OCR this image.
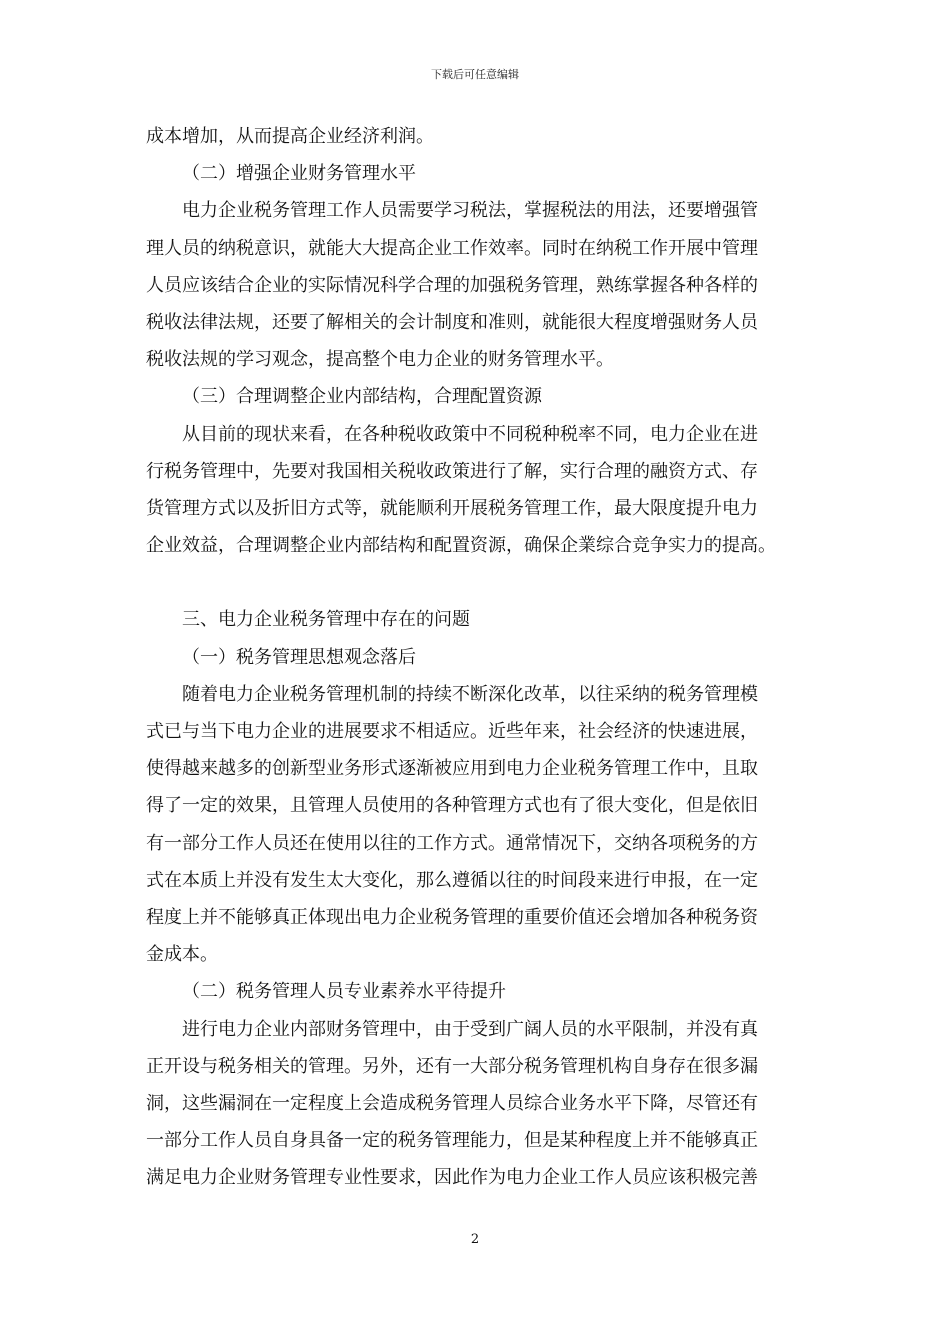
下载后可任意编辑
成本增加，从而提高企业经济利润。
（二）增强企业财务管理水平
电力企业税务管理工作人员需要学习税法，掌握税法的用法，还要增强管
理人员的纳税意识，就能大大提高企业工作效率。同时在纳税工作开展中管理
人员应该结合企业的实际情况科学合理的加强税务管理，熟练掌握各种各样的
税收法律法规，还要了解相关的会计制度和准则，就能很大程度增强财务人员
税收法规的学习观念，提高整个电力企业的财务管理水平。
（三）合理调整企业内部结构，合理配置资源
从目前的现状来看，在各种税收政策中不同税种税率不同，电力企业在进
行税务管理中，先要对我国相关税收政策进行了解，实行合理的融资方式、存
货管理方式以及折旧方式等，就能顺利开展税务管理工作，最大限度提升电力
企业效益，合理调整企业内部结构和配置资源，确保企業综合竞争实力的提高。
三、电力企业税务管理中存在的问题
（一）税务管理思想观念落后
随着电力企业税务管理机制的持续不断深化改革，以往采纳的税务管理模
式已与当下电力企业的进展要求不相适应。近些年来，社会经济的快速进展，
使得越来越多的创新型业务形式逐渐被应用到电力企业税务管理工作中，且取
得了一定的效果，且管理人员使用的各种管理方式也有了很大变化，但是依旧
有一部分工作人员还在使用以往的工作方式。通常情况下，交纳各项税务的方
式在本质上并没有发生太大变化，那么遵循以往的时间段来进行申报，在一定
程度上并不能够真正体现出电力企业税务管理的重要价值还会增加各种税务资
金成本。
（二）税务管理人员专业素养水平待提升
进行电力企业内部财务管理中，由于受到广阔人员的水平限制，并没有真
正开设与税务相关的管理。另外，还有一大部分税务管理机构自身存在很多漏
洞，这些漏洞在一定程度上会造成税务管理人员综合业务水平下降，尽管还有
一部分工作人员自身具备一定的税务管理能力，但是某种程度上并不能够真正
满足电力企业财务管理专业性要求，因此作为电力企业工作人员应该积极完善
2
